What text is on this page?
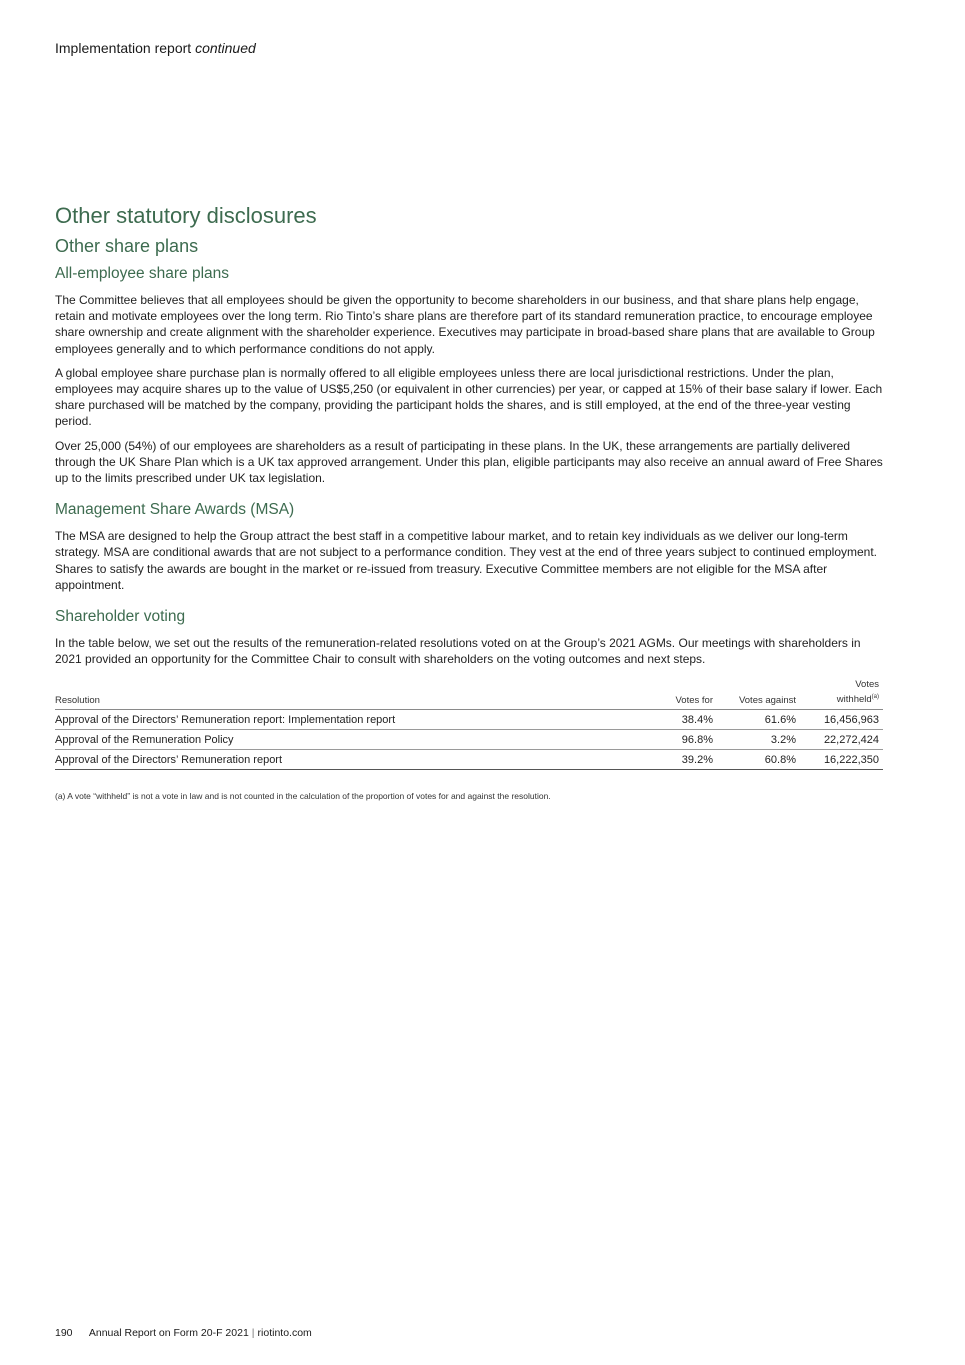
Implementation report continued
Other statutory disclosures
Other share plans
All-employee share plans

The Committee believes that all employees should be given the opportunity to become shareholders in our business, and that share plans help engage, retain and motivate employees over the long term. Rio Tinto’s share plans are therefore part of its standard remuneration practice, to encourage employee share ownership and create alignment with the shareholder experience. Executives may participate in broad-based share plans that are available to Group employees generally and to which performance conditions do not apply.

A global employee share purchase plan is normally offered to all eligible employees unless there are local jurisdictional restrictions. Under the plan, employees may acquire shares up to the value of US$5,250 (or equivalent in other currencies) per year, or capped at 15% of their base salary if lower. Each share purchased will be matched by the company, providing the participant holds the shares, and is still employed, at the end of the three-year vesting period.

Over 25,000 (54%) of our employees are shareholders as a result of participating in these plans. In the UK, these arrangements are partially delivered through the UK Share Plan which is a UK tax approved arrangement. Under this plan, eligible participants may also receive an annual award of Free Shares up to the limits prescribed under UK tax legislation.

Management Share Awards (MSA)

The MSA are designed to help the Group attract the best staff in a competitive labour market, and to retain key individuals as we deliver our long-term strategy. MSA are conditional awards that are not subject to a performance condition. They vest at the end of three years subject to continued employment. Shares to satisfy the awards are bought in the market or re-issued from treasury. Executive Committee members are not eligible for the MSA after appointment.

Shareholder voting

In the table below, we set out the results of the remuneration-related resolutions voted on at the Group’s 2021 AGMs. Our meetings with shareholders in 2021 provided an opportunity for the Committee Chair to consult with shareholders on the voting outcomes and next steps.

Resolution	Votes for	Votes against	Votes
withheld$^{(a)}$
Approval of the Directors’ Remuneration report: Implementation report	38.4%	61.6%	16,456,963
Approval of the Remuneration Policy	96.8%	3.2%	22,272,424
Approval of the Directors’ Remuneration report	39.2%	60.8%	16,222,350
(a) A vote “withheld” is not a vote in law and is not counted in the calculation of the proportion of votes for and against the resolution.
190 Annual Report on Form 20-F 2021 | riotinto.com
